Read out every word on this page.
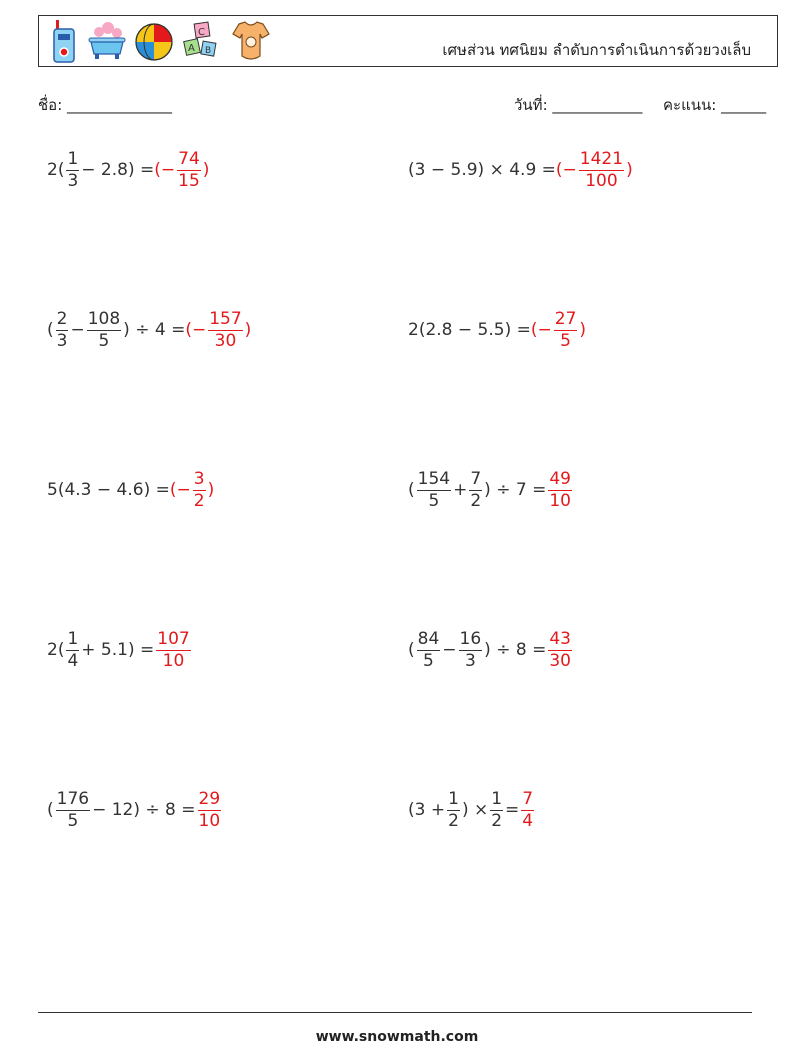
C
A B	เศษส่วน ทศนิยม ลำดับการดำเนินการด้วยวงเล็บ
ชื่อ: ______________	วันที่: ____________ คะแนน: ______
$2( \frac{1}{3} - 2.8)$ = (− $\frac{74}{15}$ )	(3 − 5.9) × 4.9 = (− $\frac{1421}{100}$ )
( $\frac{2}{3} - \frac{108}{5}$ ) ÷ 4 = (− $\frac{157}{30}$ )	2(2.8 − 5.5) = (− $\frac{27}{5}$ )
5(4.3 − 4.6) = (− $\frac{3}{2}$ )	( $\frac{154}{5} + \frac{7}{2}$ ) ÷ $7 = \frac{49}{10}$
$2( \frac{1}{4} + 5.1) = \frac{107}{10}$	( $\frac{84}{5} - \frac{16}{3}$ ) ÷ $8 = \frac{43}{30}$
( $\frac{176}{5} - 12) \div 8 = \frac{29}{10}$	($3 + \frac{1}{2}$ ) × $\frac{1}{2} = \frac{7}{4}$
www.snowmath.com
